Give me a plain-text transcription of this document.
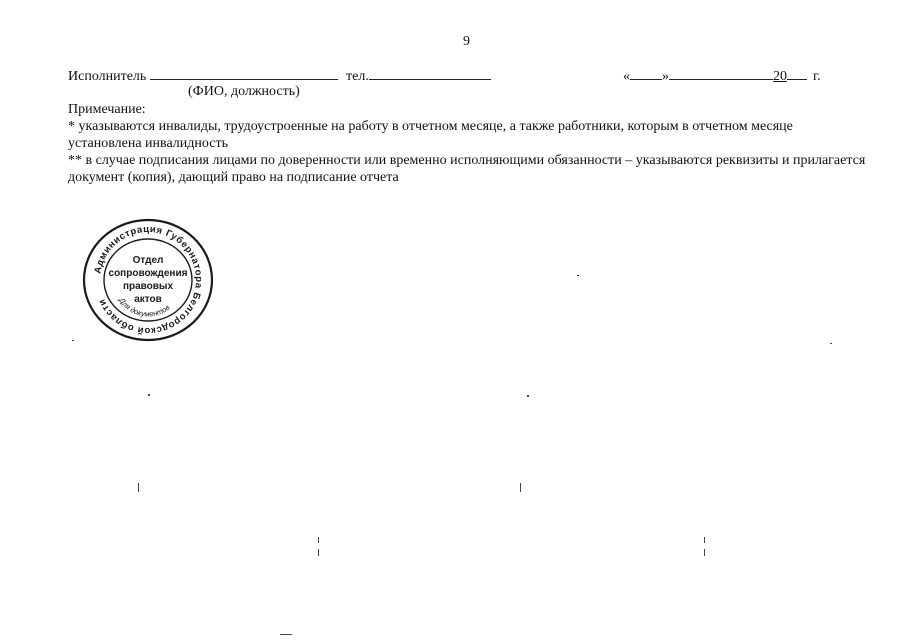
9
Исполнитель	тел.	« »	20 г.
(ФИО, должность)

Примечание:

* указываются инвалиды, трудоустроенные на работу в отчетном месяце, а также работники, которым в отчетном месяце установлена инвалидность

** в случае подписания лицами по доверенности или временно исполняющими обязанности – указываются реквизиты и прилагается документ (копия), дающий право на подписание отчета

Администрация Губернатора Белгородской области
Отдел
сопровождения
правовых
актов
Для документов
